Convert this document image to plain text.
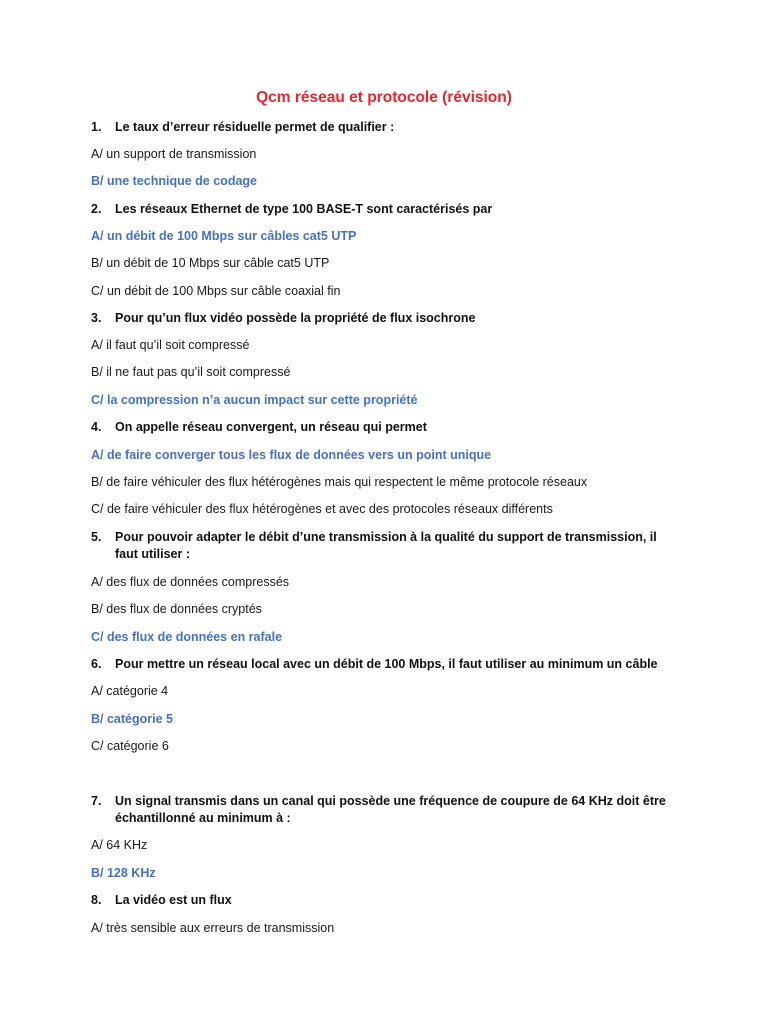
Qcm réseau et protocole (révision)
1. Le taux d’erreur résiduelle permet de qualifier :
A/ un support de transmission
B/ une technique de codage
2. Les réseaux Ethernet de type 100 BASE-T sont caractérisés par
A/ un débit de 100 Mbps sur câbles cat5 UTP
B/ un débit de 10 Mbps sur câble cat5 UTP
C/ un débit de 100 Mbps sur câble coaxial fin
3. Pour qu’un flux vidéo possède la propriété de flux isochrone
A/ il faut qu’il soit compressé
B/ il ne faut pas qu’il soit compressé
C/ la compression n’a aucun impact sur cette propriété
4. On appelle réseau convergent, un réseau qui permet
A/ de faire converger tous les flux de données vers un point unique
B/ de faire véhiculer des flux hétérogènes mais qui respectent le même protocole réseaux
C/ de faire véhiculer des flux hétérogènes et avec des protocoles réseaux différents
5. Pour pouvoir adapter le débit d’une transmission à la qualité du support de transmission, il
faut utiliser :
A/ des flux de données compressés
B/ des flux de données cryptés
C/ des flux de données en rafale
6. Pour mettre un réseau local avec un débit de 100 Mbps, il faut utiliser au minimum un câble
A/ catégorie 4
B/ catégorie 5
C/ catégorie 6
7. Un signal transmis dans un canal qui possède une fréquence de coupure de 64 KHz doit être
échantillonné au minimum à :
A/ 64 KHz
B/ 128 KHz
8. La vidéo est un flux
A/ très sensible aux erreurs de transmission
